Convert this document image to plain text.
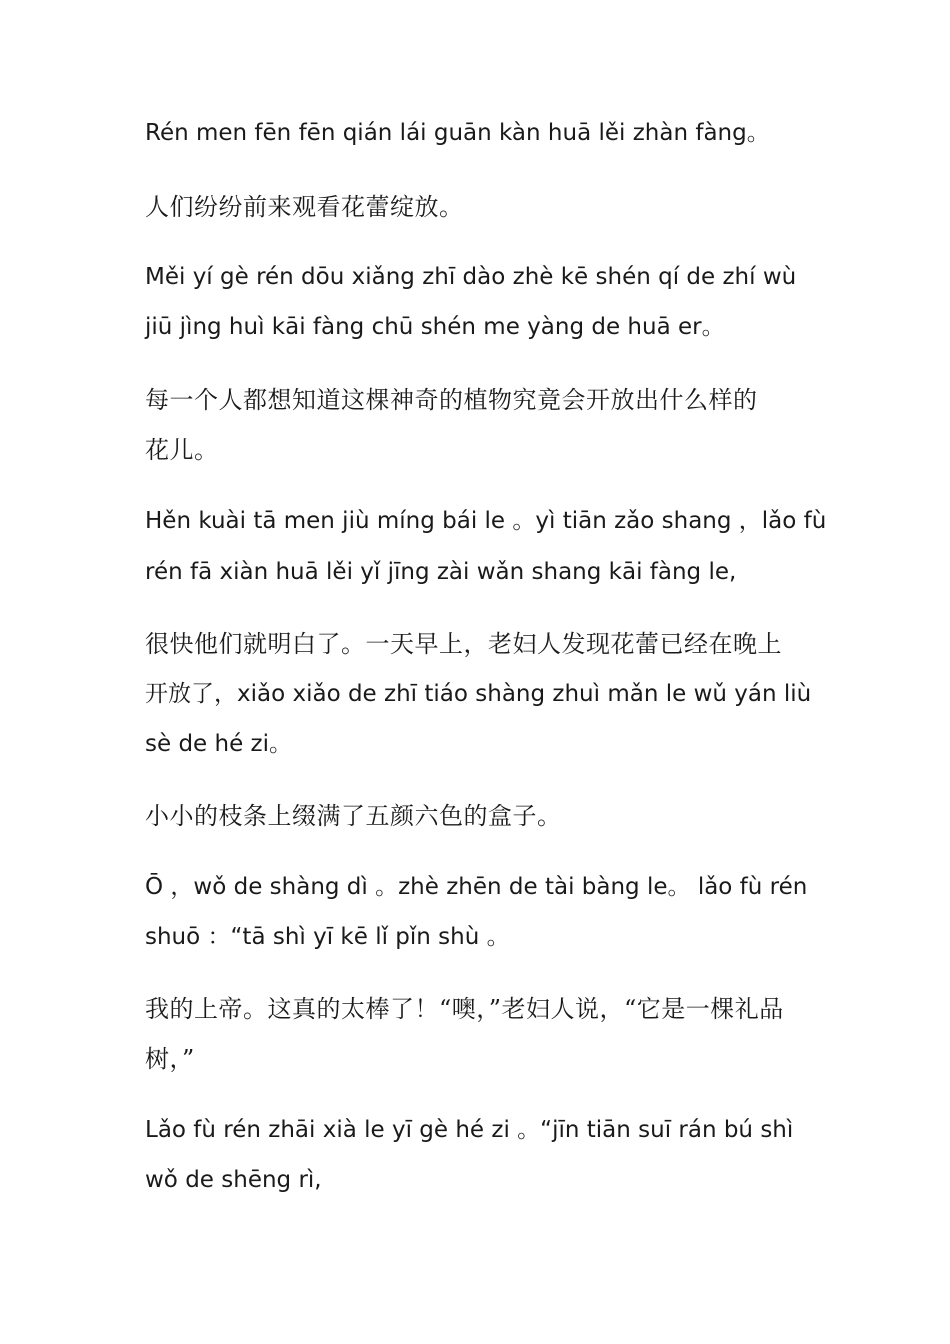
Rén men fēn fēn qián lái guān kàn huā lěi zhàn fàng。
人们纷纷前来观看花蕾绽放。
Měi yí gè rén dōu xiǎng zhī dào zhè kē shén qí de zhí wù
jiū jìng huì kāi fàng chū shén me yàng de huā er。
每一个人都想知道这棵神奇的植物究竟会开放出什么样的
花儿。
Hěn kuài tā men jiù míng bái le 。yì tiān zǎo shang ，lǎo fù
rén fā xiàn huā lěi yǐ jīng zài wǎn shang kāi fàng le,
很快他们就明白了。一天早上，老妇人发现花蕾已经在晚上
开放了，xiǎo xiǎo de zhī tiáo shàng zhuì mǎn le wǔ yán liù
sè de hé zi。
小小的枝条上缀满了五颜六色的盒子。
Ō ，wǒ de shàng dì 。zhè zhēn de tài bàng le。 lǎo fù rén
shuō ：“tā shì yī kē lǐ pǐn shù 。
我的上帝。这真的太棒了！“噢，”老妇人说，“它是一棵礼品
树，”
Lǎo fù rén zhāi xià le yī gè hé zi 。“jīn tiān suī rán bú shì
wǒ de shēng rì,
